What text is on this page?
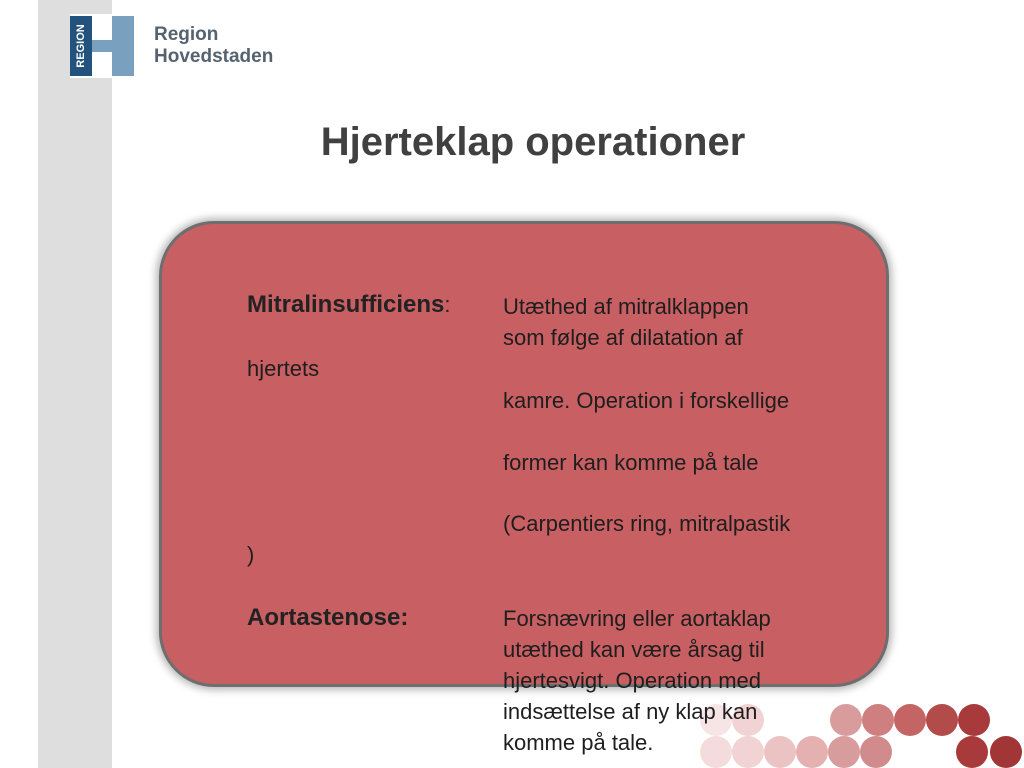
REGION	Region
Hovedstaden
Hjerteklap operationer
Mitralinsufficiens: Utæthed af mitralklappen
som følge af dilatation af
hjertets
kamre. Operation i forskellige
former kan komme på tale
(Carpentiers ring, mitralpastik
)
Aortastenose:	Forsnævring eller aortaklap
utæthed kan være årsag til
hjertesvigt. Operation med
indsættelse af ny klap kan
komme på tale.
